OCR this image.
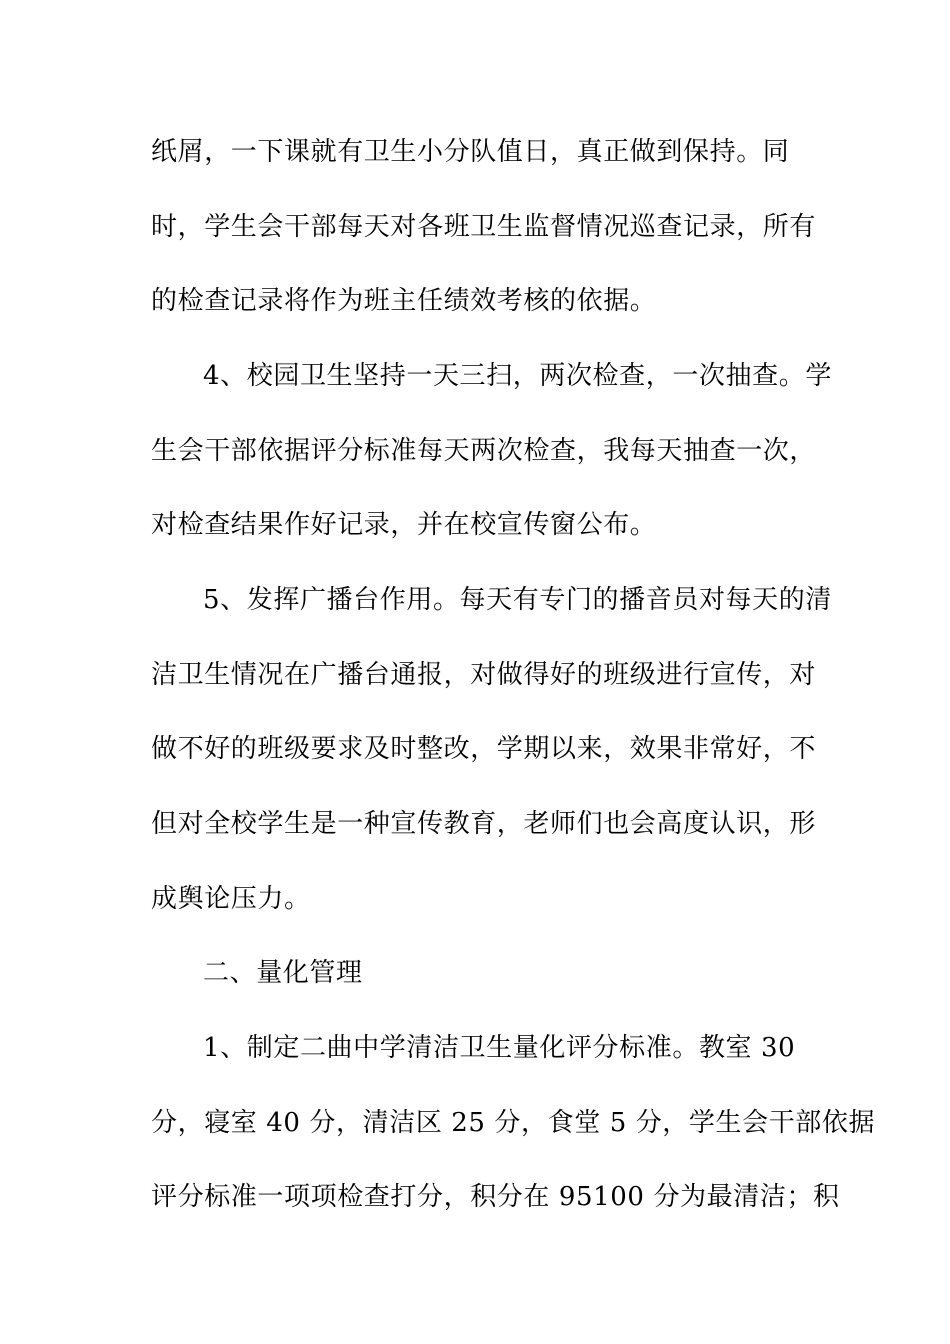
纸屑，一下课就有卫生小分队值日，真正做到保持。同
时，学生会干部每天对各班卫生监督情况巡查记录，所有
的检查记录将作为班主任绩效考核的依据。
4、校园卫生坚持一天三扫，两次检查，一次抽查。学
生会干部依据评分标准每天两次检查，我每天抽查一次，
对检查结果作好记录，并在校宣传窗公布。
5、发挥广播台作用。每天有专门的播音员对每天的清
洁卫生情况在广播台通报，对做得好的班级进行宣传，对
做不好的班级要求及时整改，学期以来，效果非常好，不
但对全校学生是一种宣传教育，老师们也会高度认识，形
成舆论压力。
二、量化管理
1、制定二曲中学清洁卫生量化评分标准。教室 30
分，寝室 40 分，清洁区 25 分，食堂 5 分，学生会干部依据
评分标准一项项检查打分，积分在 95100 分为最清洁；积
